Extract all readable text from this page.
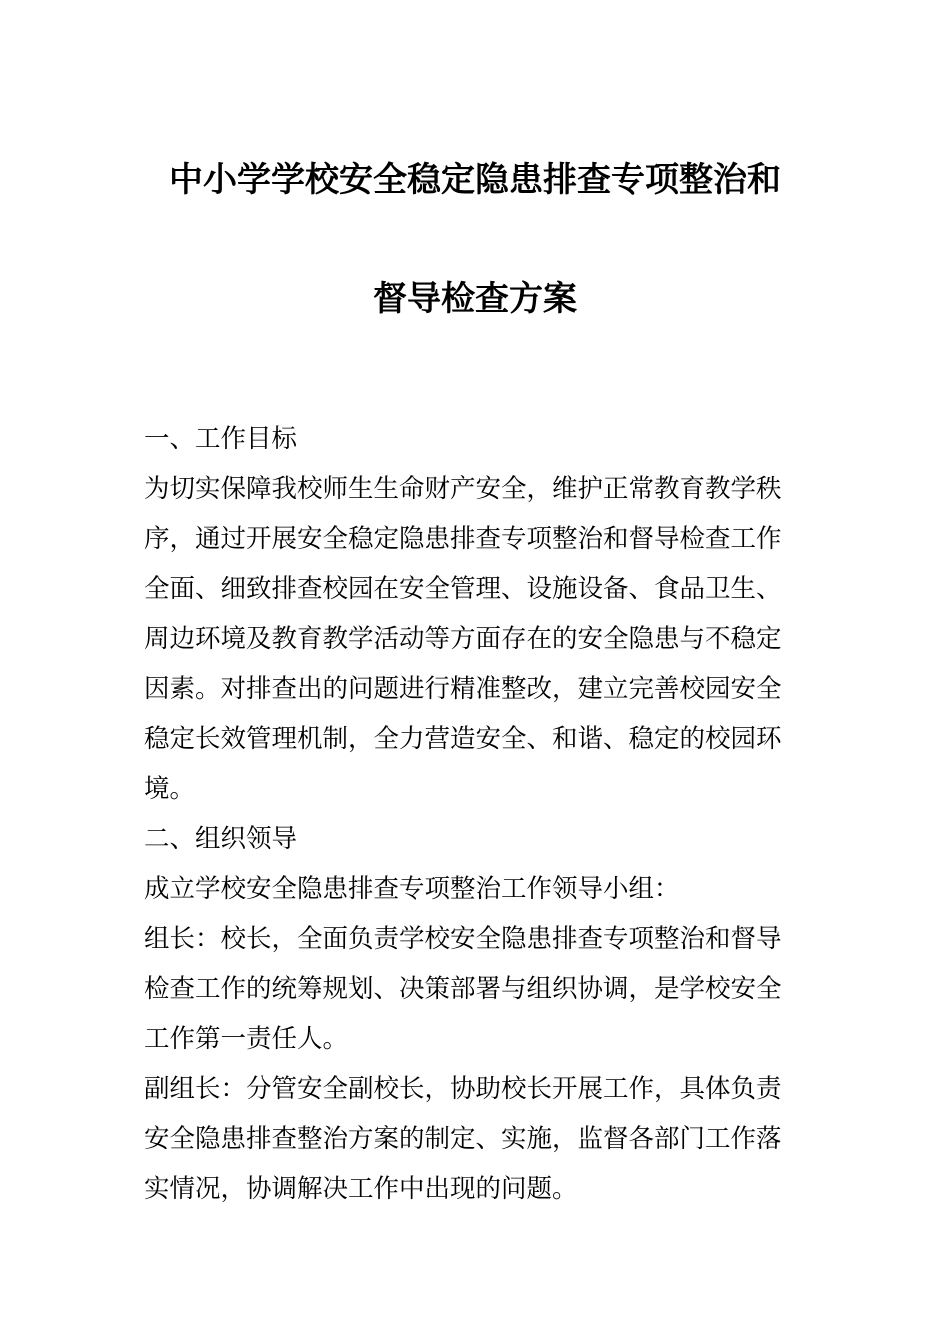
中小学学校安全稳定隐患排查专项整治和
督导检查方案
一、工作目标
为切实保障我校师生生命财产安全，维护正常教育教学秩
序，通过开展安全稳定隐患排查专项整治和督导检查工作
全面、细致排查校园在安全管理、设施设备、食品卫生、
周边环境及教育教学活动等方面存在的安全隐患与不稳定
因素。对排查出的问题进行精准整改，建立完善校园安全
稳定长效管理机制，全力营造安全、和谐、稳定的校园环
境。
二、组织领导
成立学校安全隐患排查专项整治工作领导小组：
组长：校长，全面负责学校安全隐患排查专项整治和督导
检查工作的统筹规划、决策部署与组织协调，是学校安全
工作第一责任人。
副组长：分管安全副校长，协助校长开展工作，具体负责
安全隐患排查整治方案的制定、实施，监督各部门工作落
实情况，协调解决工作中出现的问题。
